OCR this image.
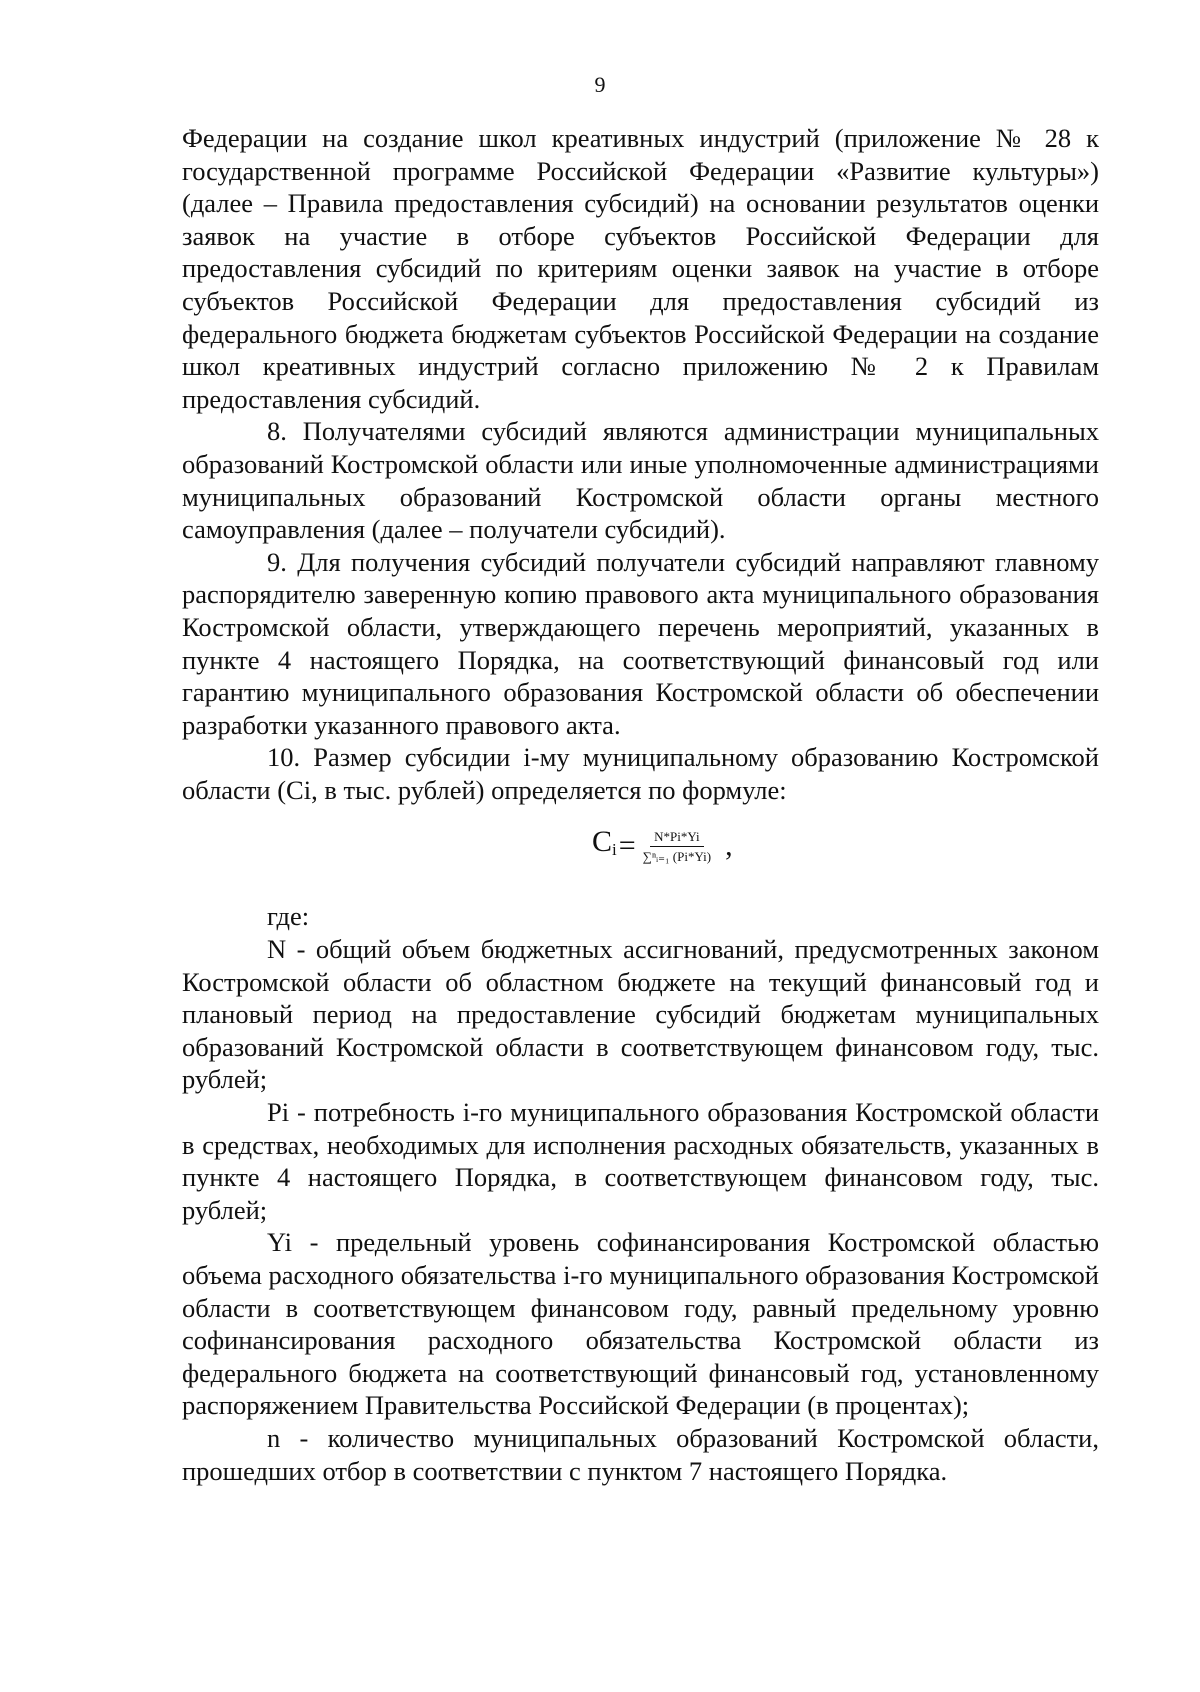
9

Федерации на создание школ креативных индустрий (приложение № 28 к государственной программе Российской Федерации «Развитие культуры») (далее – Правила предоставления субсидий) на основании результатов оценки заявок на участие в отборе субъектов Российской Федерации для предоставления субсидий по критериям оценки заявок на участие в отборе субъектов Российской Федерации для предоставления субсидий из федерального бюджета бюджетам субъектов Российской Федерации на создание школ креативных индустрий согласно приложению № 2 к Правилам предоставления субсидий.

8. Получателями субсидий являются администрации муниципальных образований Костромской области или иные уполномоченные администрациями муниципальных образований Костромской области органы местного самоуправления (далее – получатели субсидий).

9. Для получения субсидий получатели субсидий направляют главному распорядителю заверенную копию правового акта муниципального образования Костромской области, утверждающего перечень мероприятий, указанных в пункте 4 настоящего Порядка, на соответствующий финансовый год или гарантию муниципального образования Костромской области об обеспечении разработки указанного правового акта.

10. Размер субсидии i-му муниципальному образованию Костромской области (Ci, в тыс. рублей) определяется по формуле:

$C_i = \frac{N*Pi*Yi}{\text{∑ⁿᵢ₌₁ (Pi*Yi)}}$ ,

где:

N - общий объем бюджетных ассигнований, предусмотренных законом Костромской области об областном бюджете на текущий финансовый год и плановый период на предоставление субсидий бюджетам муниципальных образований Костромской области в соответствующем финансовом году, тыс. рублей;

Pi - потребность i-го муниципального образования Костромской области в средствах, необходимых для исполнения расходных обязательств, указанных в пункте 4 настоящего Порядка, в соответствующем финансовом году, тыс. рублей;

Yi - предельный уровень софинансирования Костромской областью объема расходного обязательства i-го муниципального образования Костромской области в соответствующем финансовом году, равный предельному уровню софинансирования расходного обязательства Костромской области из федерального бюджета на соответствующий финансовый год, установленному распоряжением Правительства Российской Федерации (в процентах);

n - количество муниципальных образований Костромской области, прошедших отбор в соответствии с пунктом 7 настоящего Порядка.
